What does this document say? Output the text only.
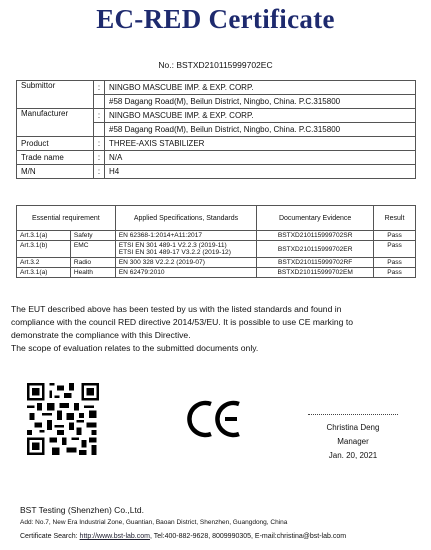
EC-RED Certificate
No.: BSTXD210115999702EC
Submittor	:	NINGBO MASCUBE IMP. & EXP. CORP.
		#58 Dagang Road(M), Beilun District, Ningbo, China. P.C.315800
Manufacturer	:	NINGBO MASCUBE IMP. & EXP. CORP.
		#58 Dagang Road(M), Beilun District, Ningbo, China. P.C.315800
Product	:	THREE-AXIS STABILIZER
Trade name	:	N/A
M/N	:	H4
Essential requirement		Applied Specifications, Standards	Documentary Evidence	Result
Art.3.1(a)	Safety	EN 62368-1:2014+A11:2017	BSTXD210115999702SR	Pass
Art.3.1(b)	EMC	ETSI EN 301 489-1 V2.2.3 (2019-11)
ETSI EN 301 489-17 V3.2.2 (2019-12)	BSTXD210115999702ER	Pass
Art.3.2	Radio	EN 300 328 V2.2.2 (2019-07)	BSTXD210115999702RF	Pass
Art.3.1(a)	Health	EN 62479:2010	BSTXD210115999702EM	Pass

The EUT described above has been tested by us with the listed standards and found in

compliance with the council RED directive 2014/53/EU. It is possible to use CE marking to

demonstrate the compliance with this Directive.

The scope of evaluation relates to the submitted documents only.

Christina Deng
Manager
Jan. 20, 2021
BST Testing (Shenzhen) Co.,Ltd.
Add: No.7, New Era Industrial Zone, Guantian, Baoan District, Shenzhen, Guangdong, China
Certificate Search: http://www.bst-lab.com, Tel:400-882-9628, 8009990305, E-mail:christina@bst-lab.com
